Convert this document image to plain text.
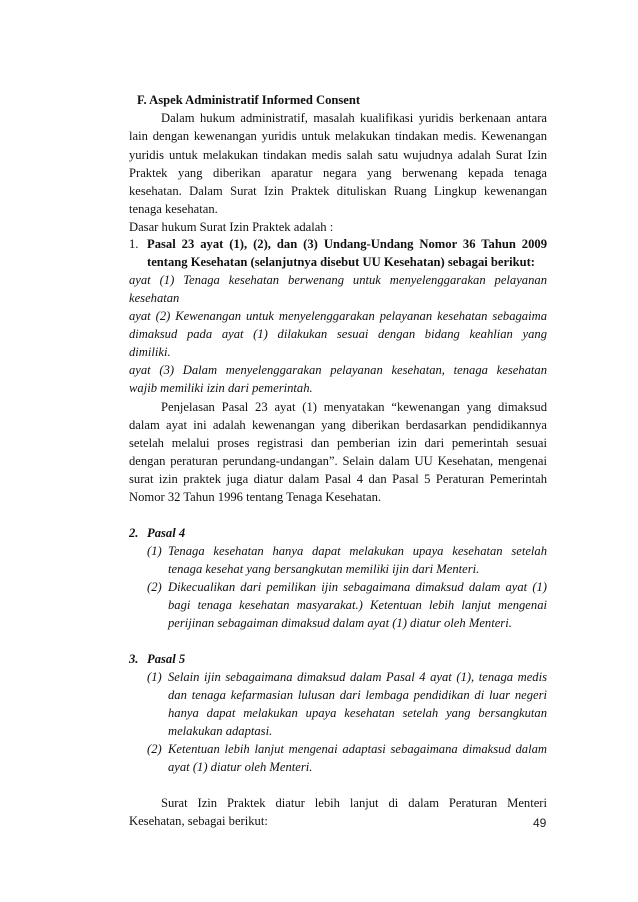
F. Aspek Administratif Informed Consent
Dalam hukum administratif, masalah kualifikasi yuridis berkenaan antara
lain dengan kewenangan yuridis untuk melakukan tindakan medis. Kewenangan
yuridis untuk melakukan tindakan medis salah satu wujudnya adalah Surat Izin
Praktek yang diberikan aparatur negara yang berwenang kepada tenaga
kesehatan. Dalam Surat Izin Praktek dituliskan Ruang Lingkup kewenangan
tenaga kesehatan.
Dasar hukum Surat Izin Praktek adalah :
1. Pasal 23 ayat (1), (2), dan (3) Undang-Undang Nomor 36 Tahun 2009
tentang Kesehatan (selanjutnya disebut UU Kesehatan) sebagai berikut:
ayat (1) Tenaga kesehatan berwenang untuk menyelenggarakan pelayanan
kesehatan
ayat (2) Kewenangan untuk menyelenggarakan pelayanan kesehatan sebagaima
dimaksud pada ayat (1) dilakukan sesuai dengan bidang keahlian yang
dimiliki.
ayat (3) Dalam menyelenggarakan pelayanan kesehatan, tenaga kesehatan
wajib memiliki izin dari pemerintah.
Penjelasan Pasal 23 ayat (1) menyatakan “kewenangan yang dimaksud
dalam ayat ini adalah kewenangan yang diberikan berdasarkan pendidikannya
setelah melalui proses registrasi dan pemberian izin dari pemerintah sesuai
dengan peraturan perundang-undangan”. Selain dalam UU Kesehatan, mengenai
surat izin praktek juga diatur dalam Pasal 4 dan Pasal 5 Peraturan Pemerintah
Nomor 32 Tahun 1996 tentang Tenaga Kesehatan.
2. Pasal 4
(1) Tenaga kesehatan hanya dapat melakukan upaya kesehatan setelah
tenaga kesehat yang bersangkutan memiliki ijin dari Menteri.
(2) Dikecualikan dari pemilikan ijin sebagaimana dimaksud dalam ayat (1)
bagi tenaga kesehatan masyarakat.) Ketentuan lebih lanjut mengenai
perijinan sebagaiman dimaksud dalam ayat (1) diatur oleh Menteri.
3. Pasal 5
(1) Selain ijin sebagaimana dimaksud dalam Pasal 4 ayat (1), tenaga medis
dan tenaga kefarmasian lulusan dari lembaga pendidikan di luar negeri
hanya dapat melakukan upaya kesehatan setelah yang bersangkutan
melakukan adaptasi.
(2) Ketentuan lebih lanjut mengenai adaptasi sebagaimana dimaksud dalam
ayat (1) diatur oleh Menteri.
Surat Izin Praktek diatur lebih lanjut di dalam Peraturan Menteri
Kesehatan, sebagai berikut:	49
